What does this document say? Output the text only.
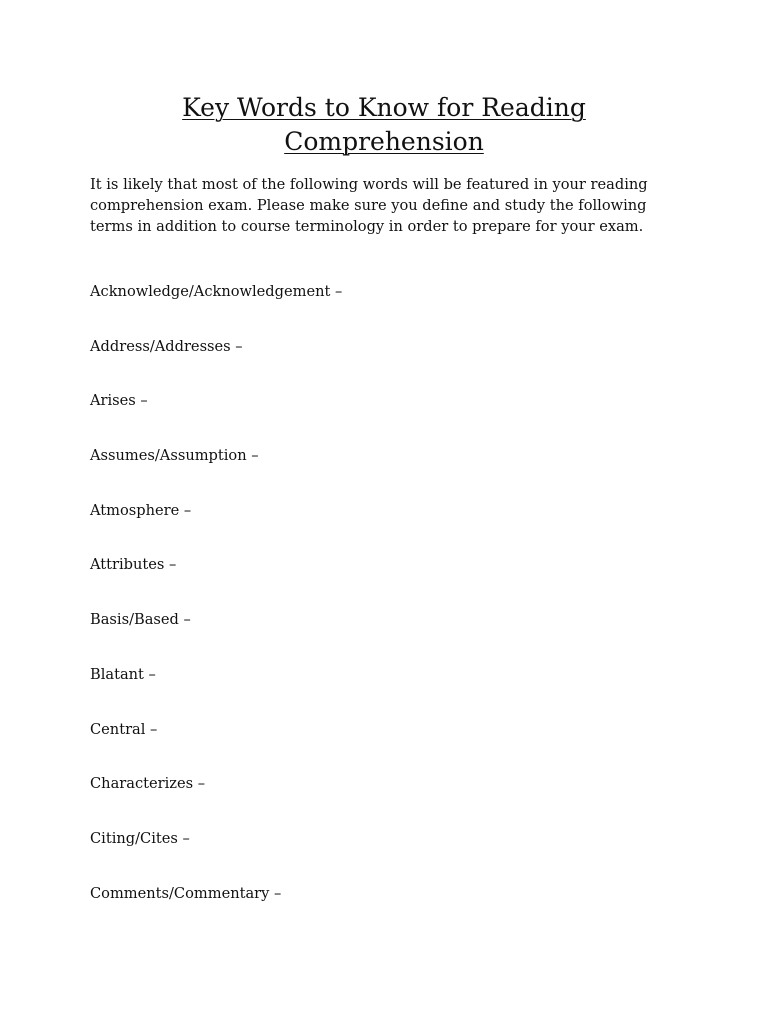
Key Words to Know for Reading
Comprehension

It is likely that most of the following words will be featured in your reading comprehension exam. Please make sure you define and study the following terms in addition to course terminology in order to prepare for your exam.

Acknowledge/Acknowledgement –
Address/Addresses –
Arises –
Assumes/Assumption –
Atmosphere –
Attributes –
Basis/Based –
Blatant –
Central –
Characterizes –
Citing/Cites –
Comments/Commentary –
